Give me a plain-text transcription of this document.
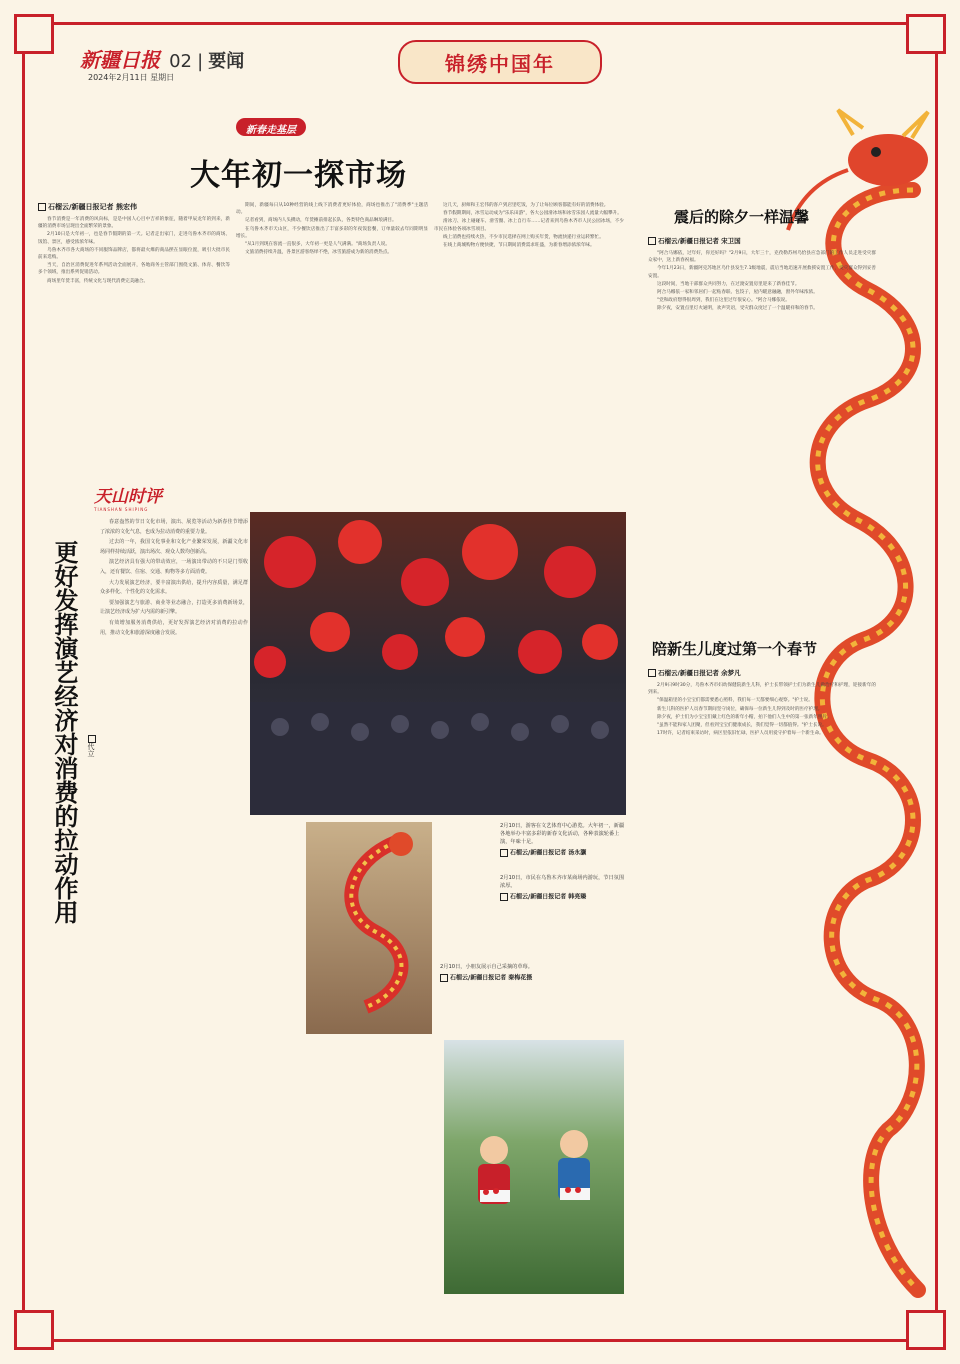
新疆日报 02 | 要闻
2024年2月11日 星期日
锦绣中国年
新春走基层
大年初一探市场
石榴云/新疆日报记者 熊宏伟

春节消费是一年消费的风向标，是是中国人心目中吉祥的象征，随着甲辰龙年的到来，新疆的消费市场呈现出全面繁荣的景象。

2月10日是大年初一，也是春节假期的第一天。记者走出家门，走进乌鲁木齐市的商场、饭馆、景区，感受浓浓年味。

乌鲁木齐市各大商场的不同服饰品牌店，都将最火爆的商品摆在显眼位置，吸引大批市民前来选购。

当天，自治区消费促进年系列活动全面展开，各地商务主管部门围绕文旅、体育、餐饮等多个领域，推出系列促销活动。

商场里年货丰富，传统文化与现代消费完美融合。

期间，新疆每日从10种经营的线上线下消费者更好体验，商场也推出了"消费季"主题活动。

记者看到，商场内人头攒动，年货摊前排起长队，各类特色商品琳琅满目。

在乌鲁木齐市天山区，不少餐饮店推出了丰富多彩的年夜饭套餐，订单量较去年同期明显增长。

"从1月到现在客流一直很多，大年初一更是人气满满。"商场负责人说。

文旅消费持续升温，各景区游客络绎不绝，冰雪旅游成为新的消费热点。

这几天，厨师和王宏伟的客户到店里吃饭，为了让每位顾客都能有好的消费体验。

春节假期期间，冰雪运动成为"乐乐田游"，各大公园滑冰场和冰雪乐园人流量大幅攀升。

滑冰刀、冰上碰碰车、滑雪圈、冰上自行车……记者来到乌鲁木齐市人民公园冰场，不少市民在体验各项冰雪项目。

线上消费也持续火热，不少市民选择在网上购买年货，物流快递行业运转繁忙。

在线上商城购物方便快捷，节日期间消费需求旺盛，为新春增添浓浓年味。

天山时评
TIANSHAN SHIPING
更好发挥演艺经济对消费的拉动作用 代立

春意盎然的节日文化市场，演出、展览等活动为新春佳节增添了浓浓的文化气息，也成为拉动消费的重要力量。

过去的一年，我国文化事业和文化产业繁荣发展，新疆文化市场同样持续活跃，演出场次、观众人数均创新高。

演艺经济具有强大的带动效应，一场演出带动的不只是门票收入，还有餐饮、住宿、交通、购物等多方面消费。

大力发展演艺经济，要丰富演出供给，提升内容质量，满足群众多样化、个性化的文化需求。

要加强演艺与旅游、商业等业态融合，打造更多消费新场景，让演艺经济成为扩大内需的新引擎。

有效增加服务消费供给，更好发挥演艺经济对消费的拉动作用，推动文化和旅游深度融合发展。

2月10日，游客在文艺体育中心游览。大年初一，新疆各地举办丰富多彩的新春文化活动，各种表演轮番上演，年味十足。
石榴云/新疆日报记者 汤永灏
2月10日，市民在乌鲁木齐市某商场内游玩，节日氛围浓厚。
石榴云/新疆日报记者 韩亮臻
2月10日，小朋友展示自己采摘的草莓。
石榴云/新疆日报记者 秦梅花摄
震后的除夕一样温馨
石榴云/新疆日报记者 宋卫国

"阿合马娜依，过年好，你还好吗？"2月9日，大年三十，克孜勒苏州乌恰县应急部门的工作人员走进受灾群众家中，送上新春祝福。

今年1月23日，新疆阿克苏地区乌什县发生7.1级地震，震后当地迅速开展救援安置工作，受灾群众得到妥善安置。

这段时间，当地干部群众共同努力，在过渡安置房里迎来了新春佳节。

阿合马娜依一家和邻居们一起贴春联、包饺子，屋内暖意融融，窗外年味浓浓。

"党和政府想得很周到，我们在这里过年很安心。"阿合马娜依说。

除夕夜，安置点里灯火通明，欢声笑语，受灾群众度过了一个温暖祥和的春节。

陪新生儿度过第一个春节
石榴云/新疆日报记者 余梦凡

2月9日9时30分，乌鲁木齐市妇幼保健院新生儿科，护士长带领护士们为新生儿做治疗和护理，迎接新年的到来。

"保温箱里的小宝宝们都需要悉心照料，我们每一天都要细心观察。"护士说。

新生儿科的医护人员春节期间坚守岗位，确保每一位新生儿得到及时的医疗护理。

除夕夜，护士们为小宝宝们戴上红色的新年小帽，拍下他们人生中的第一张新年照片。

"虽然不能和家人团聚，但看到宝宝们健康成长，我们觉得一切都值得。"护士长说。

17时许，记者结束采访时，病区里依旧忙碌，医护人员用爱守护着每一个新生命。
